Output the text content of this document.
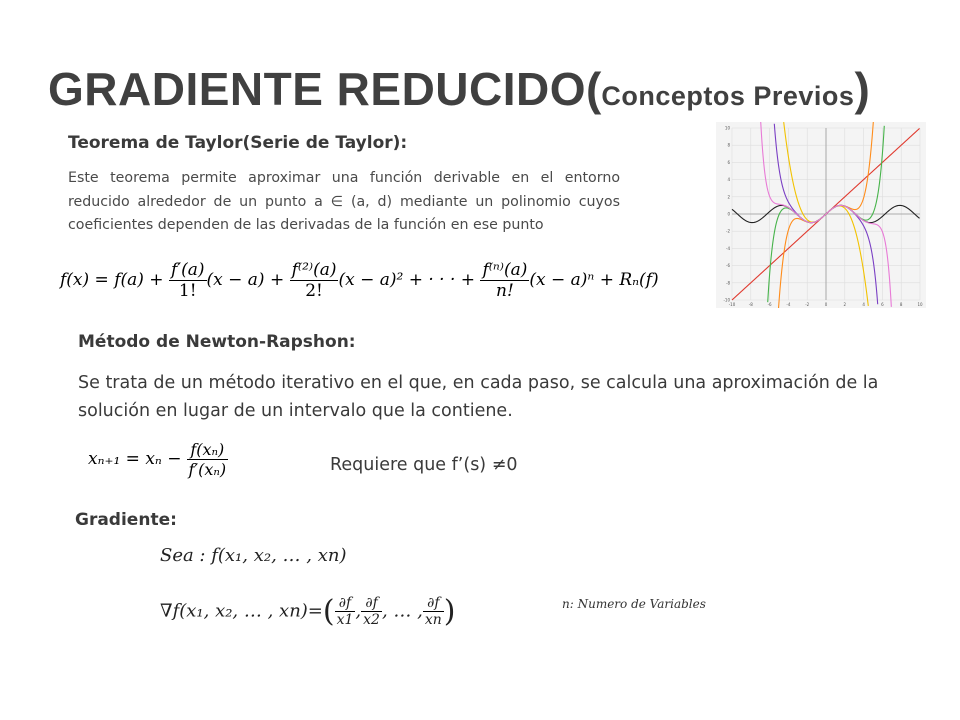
GRADIENTE REDUCIDO(Conceptos Previos)
Teorema de Taylor(Serie de Taylor):
Este teorema permite aproximar una función derivable en el entorno reducido alrededor de un punto a ∈ (a, d) mediante un polinomio cuyos coeficientes dependen de las derivadas de la función en ese punto
$f(x) = f(a) + \frac{f'(a)}{1!} (x - a) + \frac{\text{f⁽²⁾(a)}}{2!} (x - a)^2$ + · · · + $\frac{\text{f⁽ⁿ⁾(a)}}{n!} (x - a)^n + R_n(f)$
-10	-8	-6	-4	-2	0	2	4	6	8	10
10
8
6
4
2
0
-2
-4
-6
-8
-10
Método de Newton-Rapshon:
Se trata de un método iterativo en el que, en cada paso, se calcula una aproximación de la solución en lugar de un intervalo que la contiene.
$x_{n+1} = x_n - \frac{\text{f(xₙ)}}{\text{f′(xₙ)}}$	Requiere que f’(s) ≠0
Gradiente:
Sea : f(x₁, x₂, … , xn)
∇f(x₁, x₂, … , $xn)=( \frac{\partial f}{x1}$ , $\frac{\partial f}{x2}$ , … , $\frac{\partial f}{xn}$ )	n: Numero de Variables
